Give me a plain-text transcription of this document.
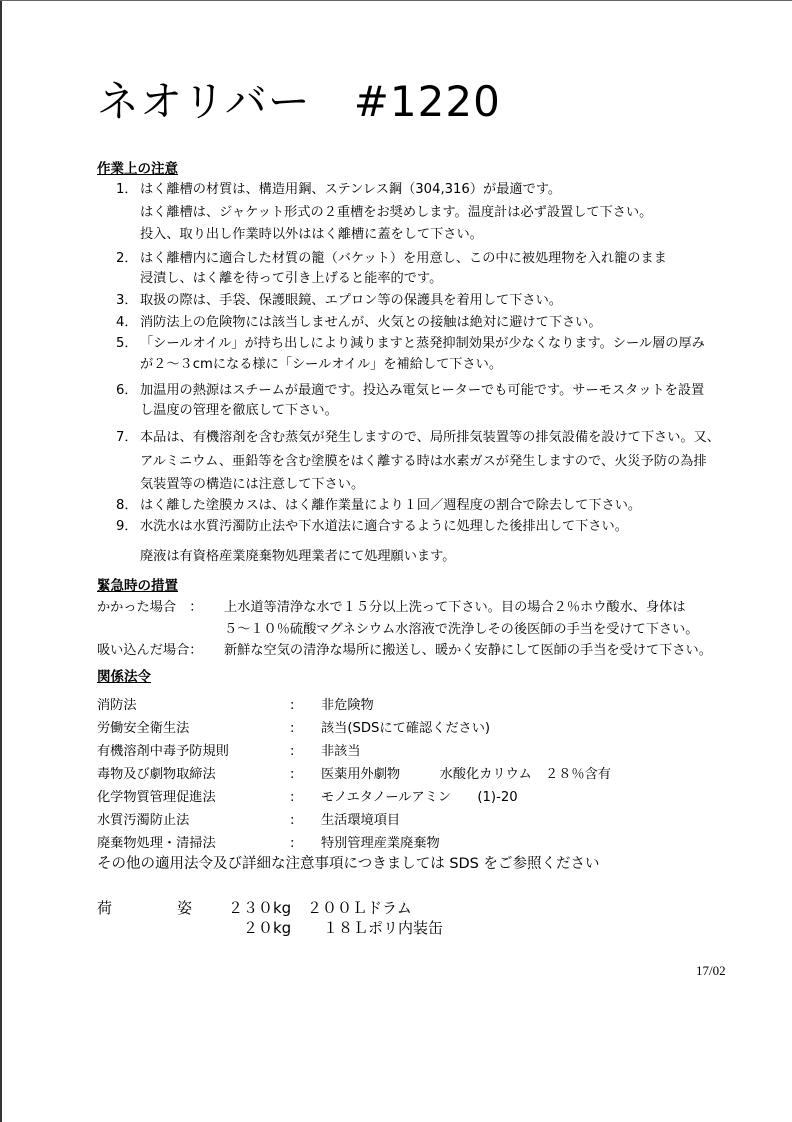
ネオリバー　#1220
作業上の注意
1． はく離槽の材質は、構造用鋼、ステンレス鋼（304,316）が最適です。
はく離槽は、ジャケット形式の２重槽をお奨めします。温度計は必ず設置して下さい。
投入、取り出し作業時以外ははく離槽に蓋をして下さい。
2． はく離槽内に適合した材質の籠（バケット）を用意し、この中に被処理物を入れ籠のまま
浸漬し、はく離を待って引き上げると能率的です。
3． 取扱の際は、手袋、保護眼鏡、エプロン等の保護具を着用して下さい。
4． 消防法上の危険物には該当しませんが、火気との接触は絶対に避けて下さい。
5． 「シールオイル」が持ち出しにより減りますと蒸発抑制効果が少なくなります。シール層の厚み
が２～３cmになる様に「シールオイル」を補給して下さい。
6． 加温用の熱源はスチームが最適です。投込み電気ヒーターでも可能です。サーモスタットを設置
し温度の管理を徹底して下さい。
7． 本品は、有機溶剤を含む蒸気が発生しますので、局所排気装置等の排気設備を設けて下さい。又、
アルミニウム、亜鉛等を含む塗膜をはく離する時は水素ガスが発生しますので、火災予防の為排
気装置等の構造には注意して下さい。
8． はく離した塗膜カスは、はく離作業量により１回／週程度の割合で除去して下さい。
9． 水洗水は水質汚濁防止法や下水道法に適合するように処理した後排出して下さい。
廃液は有資格産業廃棄物処理業者にて処理願います。
緊急時の措置
かかった場合　： 上水道等清浄な水で１５分以上洗って下さい。目の場合２％ホウ酸水、身体は
５～１０％硫酸マグネシウム水溶液で洗浄しその後医師の手当を受けて下さい。
吸い込んだ場合： 新鮮な空気の清浄な場所に搬送し、暖かく安静にして医師の手当を受けて下さい。
関係法令
消防法	: 非危険物
労働安全衛生法	: 該当(SDSにて確認ください)
有機溶剤中毒予防規則	: 非該当
毒物及び劇物取締法	: 医薬用外劇物　　　水酸化カリウム　２８％含有
化学物質管理促進法	: モノエタノールアミン　　(1)-20
水質汚濁防止法	: 生活環境項目
廃棄物処理・清掃法	: 特別管理産業廃棄物
その他の適用法令及び詳細な注意事項につきましては SDS をご参照ください
荷	姿 ２３０kg ２００Ｌドラム
２０kg １８Ｌポリ内装缶
17/02
